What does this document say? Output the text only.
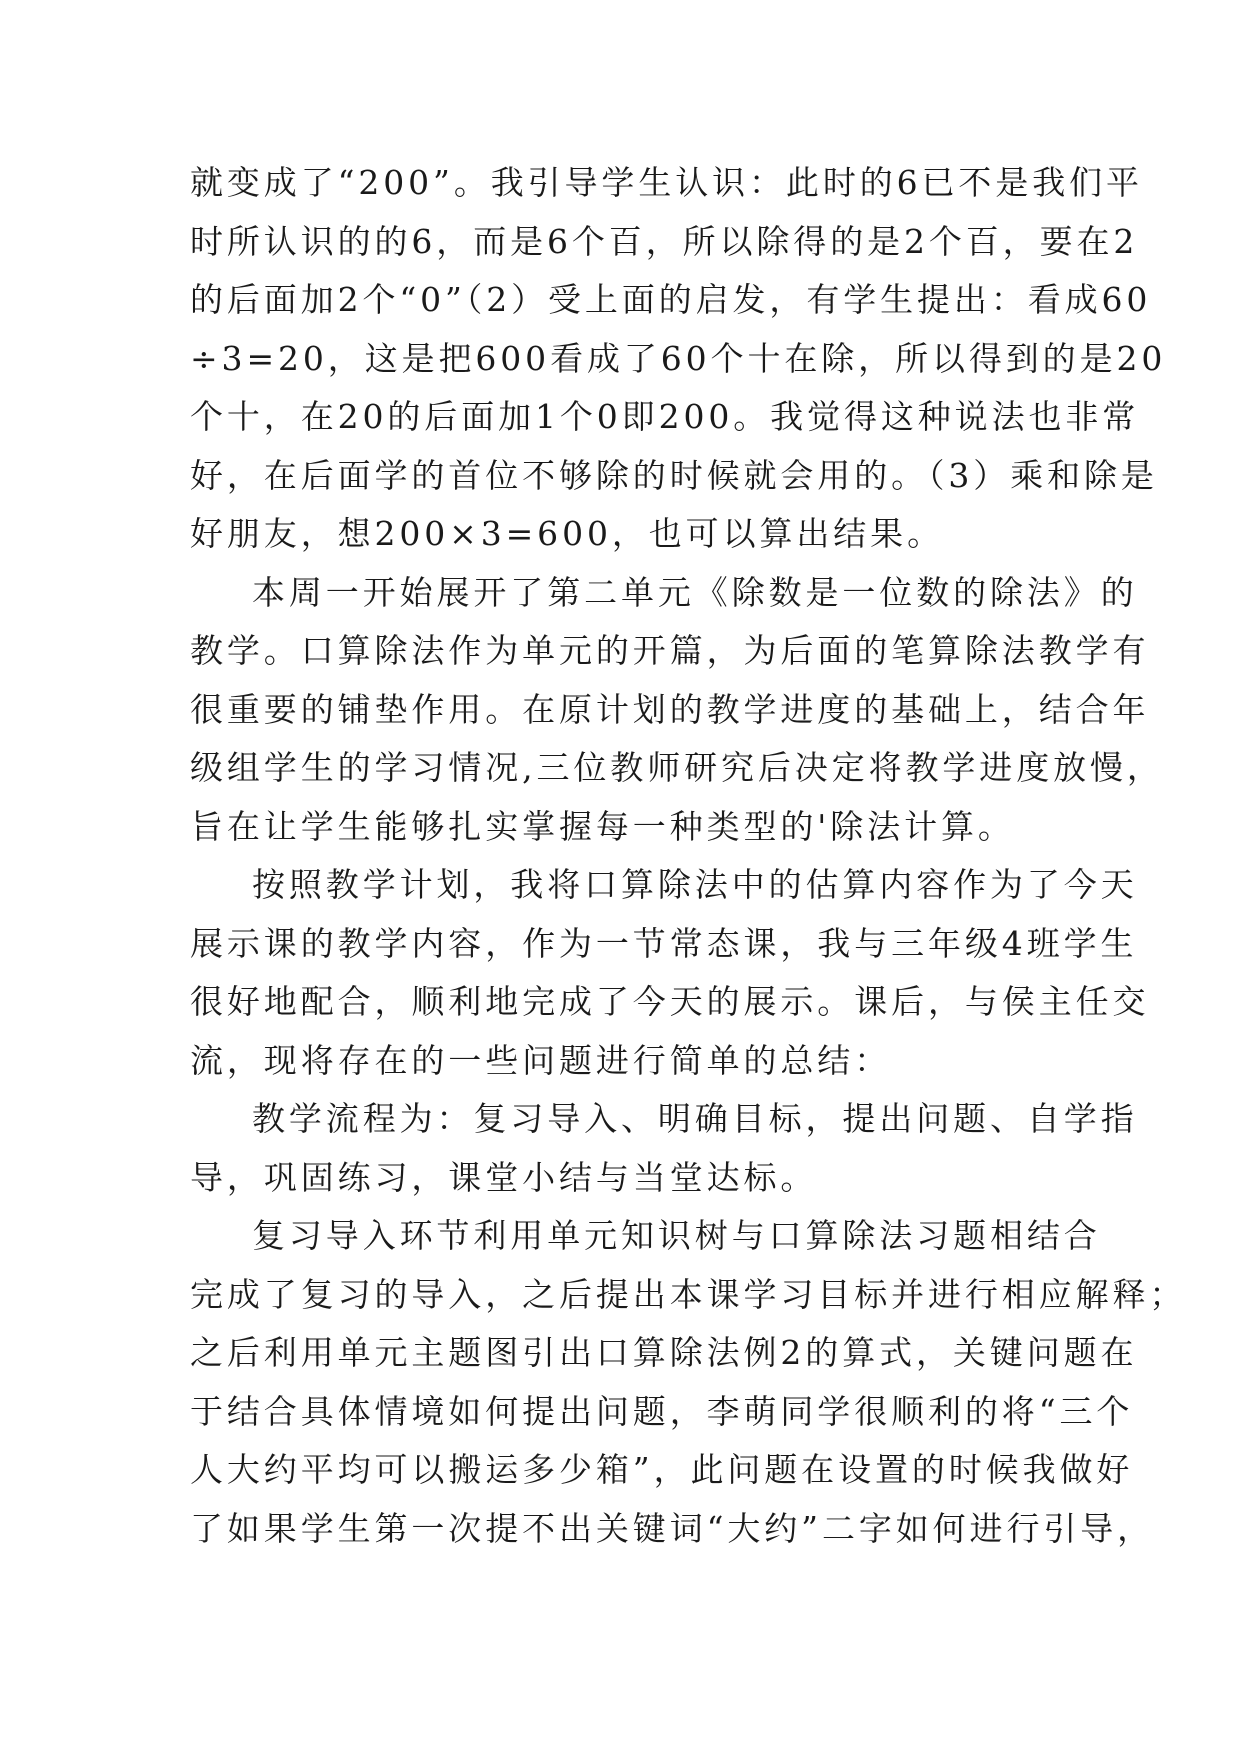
就变成了“200”。我引导学生认识：此时的6已不是我们平
时所认识的的6，而是6个百，所以除得的是2个百，要在2
的后面加2个“0”（2）受上面的启发，有学生提出：看成60
÷3=20，这是把600看成了60个十在除，所以得到的是20
个十，在20的后面加1个0即200。我觉得这种说法也非常
好，在后面学的首位不够除的时候就会用的。（3）乘和除是
好朋友，想200×3=600，也可以算出结果。
本周一开始展开了第二单元《除数是一位数的除法》的
教学。口算除法作为单元的开篇，为后面的笔算除法教学有
很重要的铺垫作用。在原计划的教学进度的基础上，结合年
级组学生的学习情况,三位教师研究后决定将教学进度放慢，
旨在让学生能够扎实掌握每一种类型的'除法计算。
按照教学计划，我将口算除法中的估算内容作为了今天
展示课的教学内容，作为一节常态课，我与三年级4班学生
很好地配合，顺利地完成了今天的展示。课后，与侯主任交
流，现将存在的一些问题进行简单的总结：
教学流程为：复习导入、明确目标，提出问题、自学指
导，巩固练习，课堂小结与当堂达标。
复习导入环节利用单元知识树与口算除法习题相结合
完成了复习的导入，之后提出本课学习目标并进行相应解释；
之后利用单元主题图引出口算除法例2的算式，关键问题在
于结合具体情境如何提出问题，李萌同学很顺利的将“三个
人大约平均可以搬运多少箱”，此问题在设置的时候我做好
了如果学生第一次提不出关键词“大约”二字如何进行引导，
